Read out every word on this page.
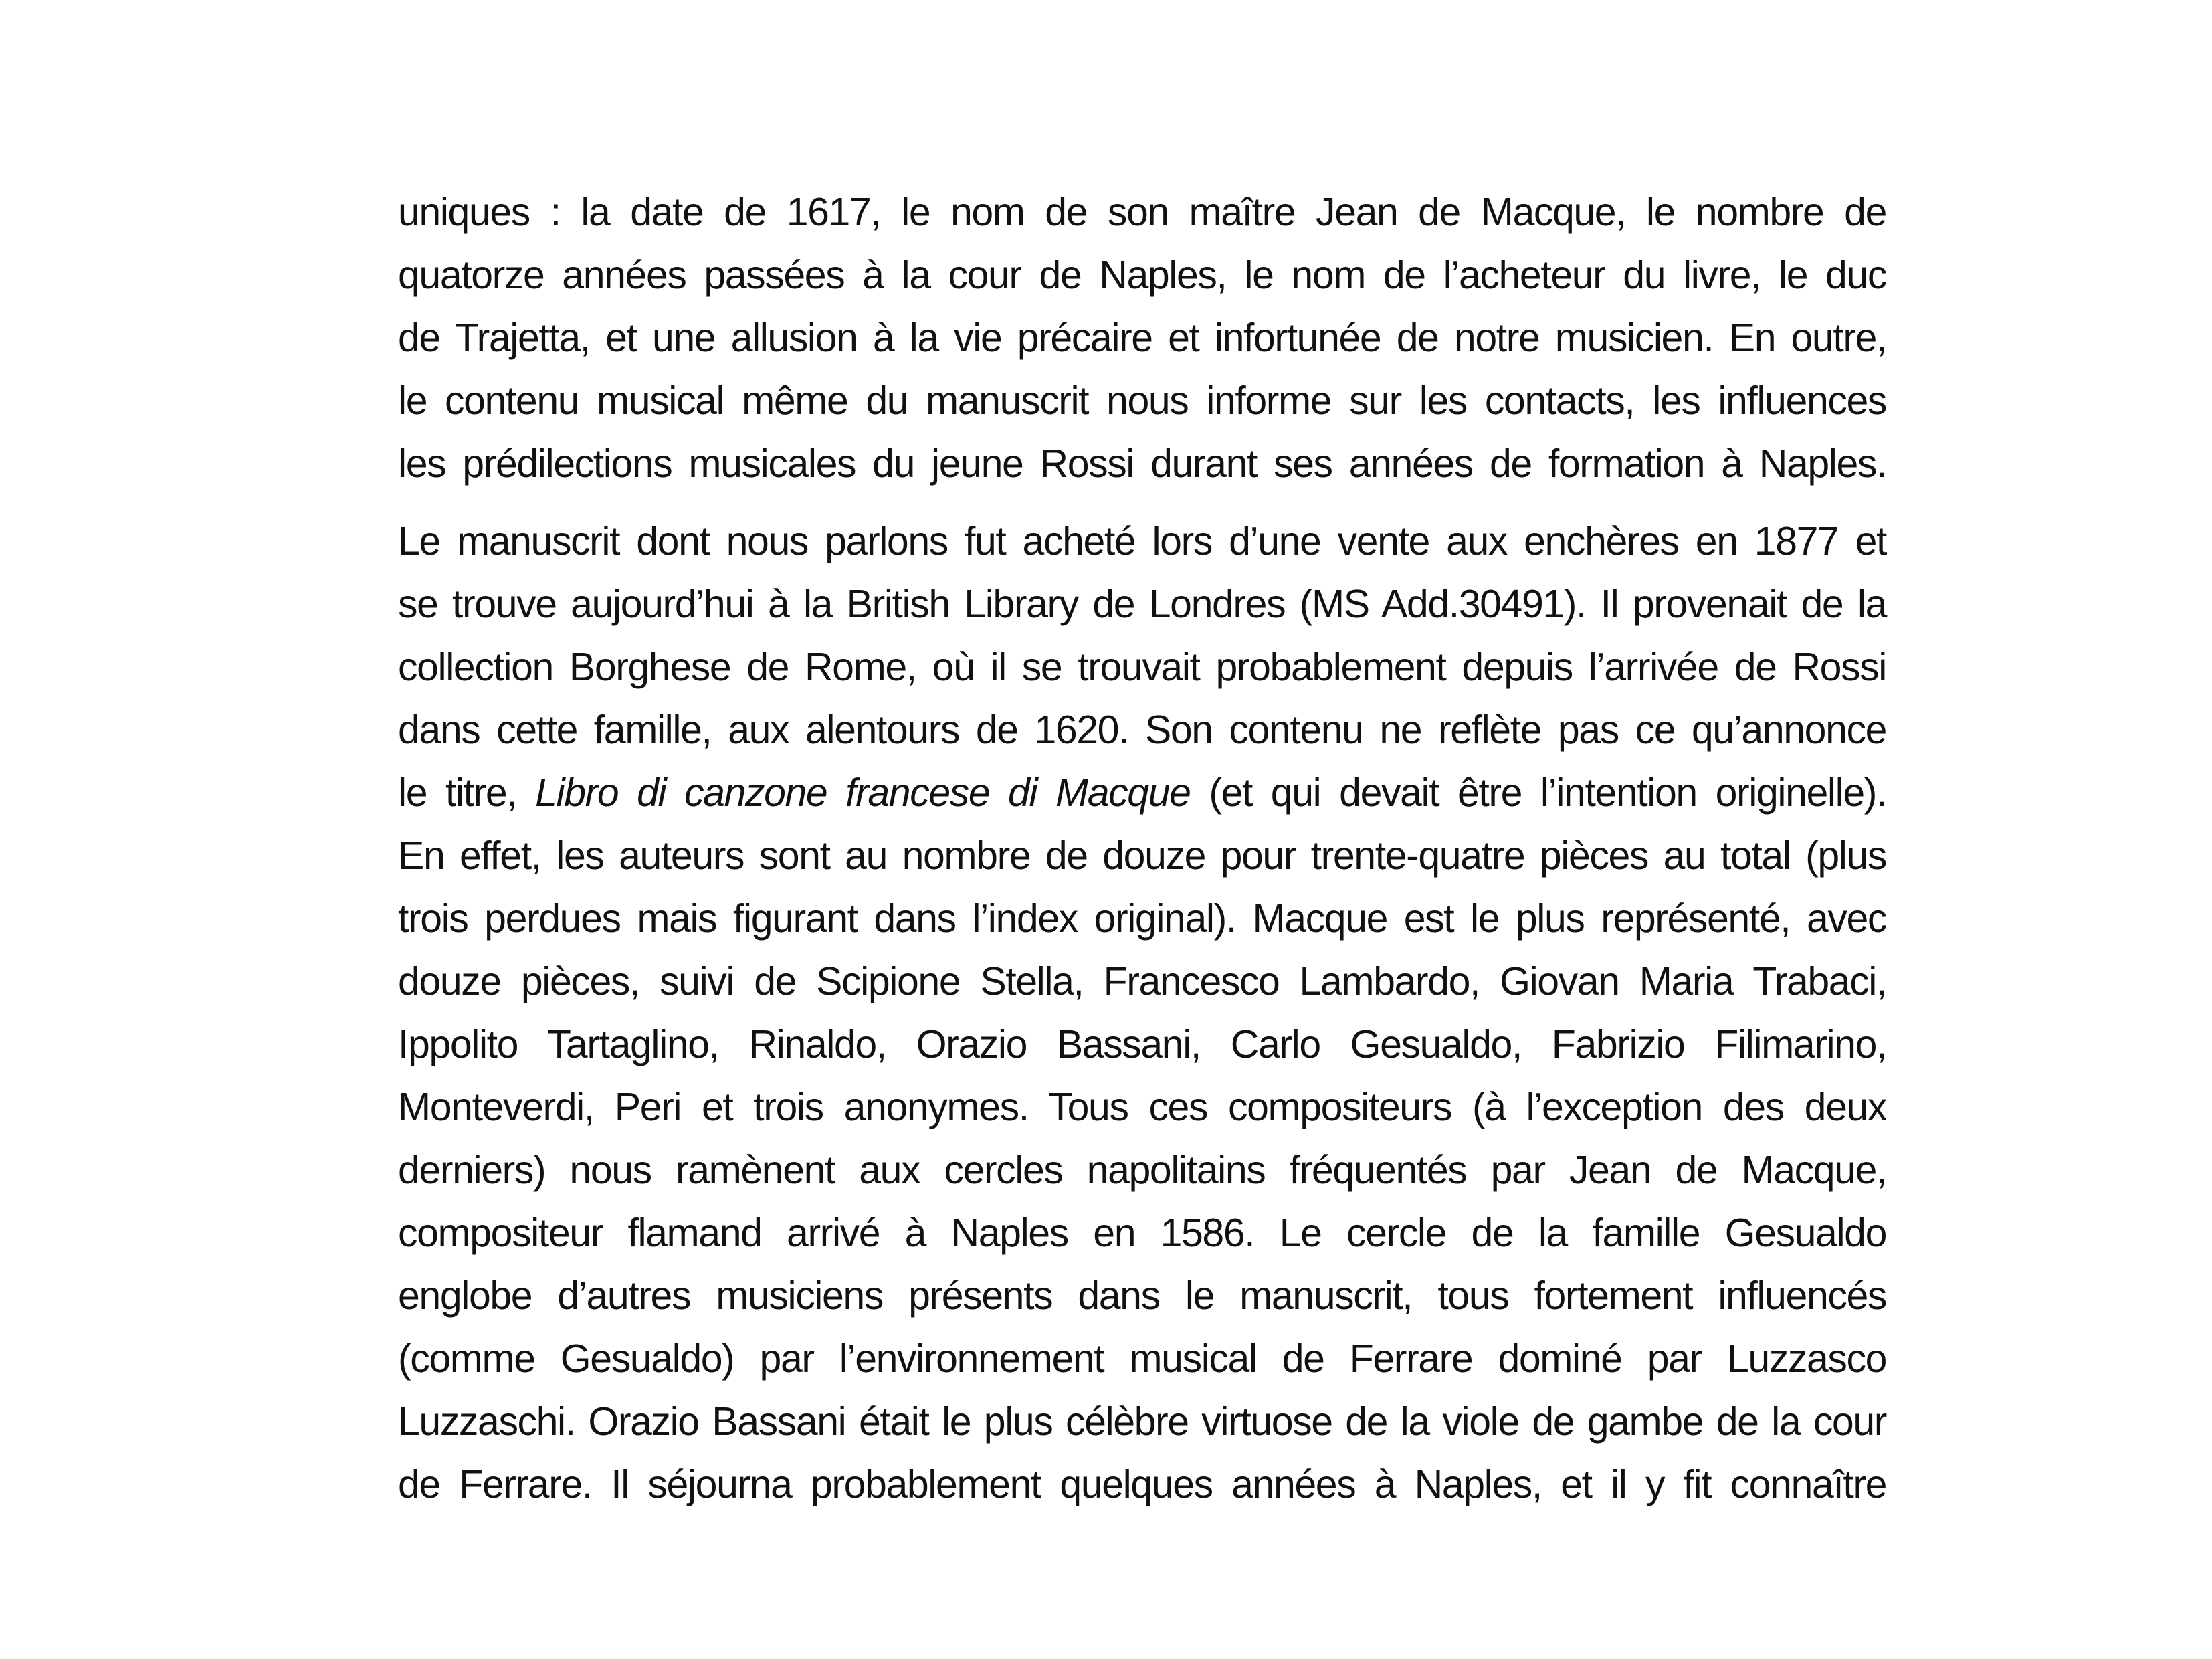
uniques : la date de 1617, le nom de son maître Jean de Macque, le nombre de
quatorze années passées à la cour de Naples, le nom de l’acheteur du livre, le duc
de Trajetta, et une allusion à la vie précaire et infortunée de notre musicien. En outre,
le contenu musical même du manuscrit nous informe sur les contacts, les influences
les prédilections musicales du jeune Rossi durant ses années de formation à Naples.
Le manuscrit dont nous parlons fut acheté lors d’une vente aux enchères en 1877 et
se trouve aujourd’hui à la British Library de Londres (MS Add.30491). Il provenait de la
collection Borghese de Rome, où il se trouvait probablement depuis l’arrivée de Rossi
dans cette famille, aux alentours de 1620. Son contenu ne reflète pas ce qu’annonce
le titre, Libro di canzone francese di Macque (et qui devait être l’intention originelle).
En effet, les auteurs sont au nombre de douze pour trente-quatre pièces au total (plus
trois perdues mais figurant dans l’index original). Macque est le plus représenté, avec
douze pièces, suivi de Scipione Stella, Francesco Lambardo, Giovan Maria Trabaci,
Ippolito Tartaglino, Rinaldo, Orazio Bassani, Carlo Gesualdo, Fabrizio Filimarino,
Monteverdi, Peri et trois anonymes. Tous ces compositeurs (à l’exception des deux
derniers) nous ramènent aux cercles napolitains fréquentés par Jean de Macque,
compositeur flamand arrivé à Naples en 1586. Le cercle de la famille Gesualdo
englobe d’autres musiciens présents dans le manuscrit, tous fortement influencés
(comme Gesualdo) par l’environnement musical de Ferrare dominé par Luzzasco
Luzzaschi. Orazio Bassani était le plus célèbre virtuose de la viole de gambe de la cour
de Ferrare. Il séjourna probablement quelques années à Naples, et il y fit connaître
